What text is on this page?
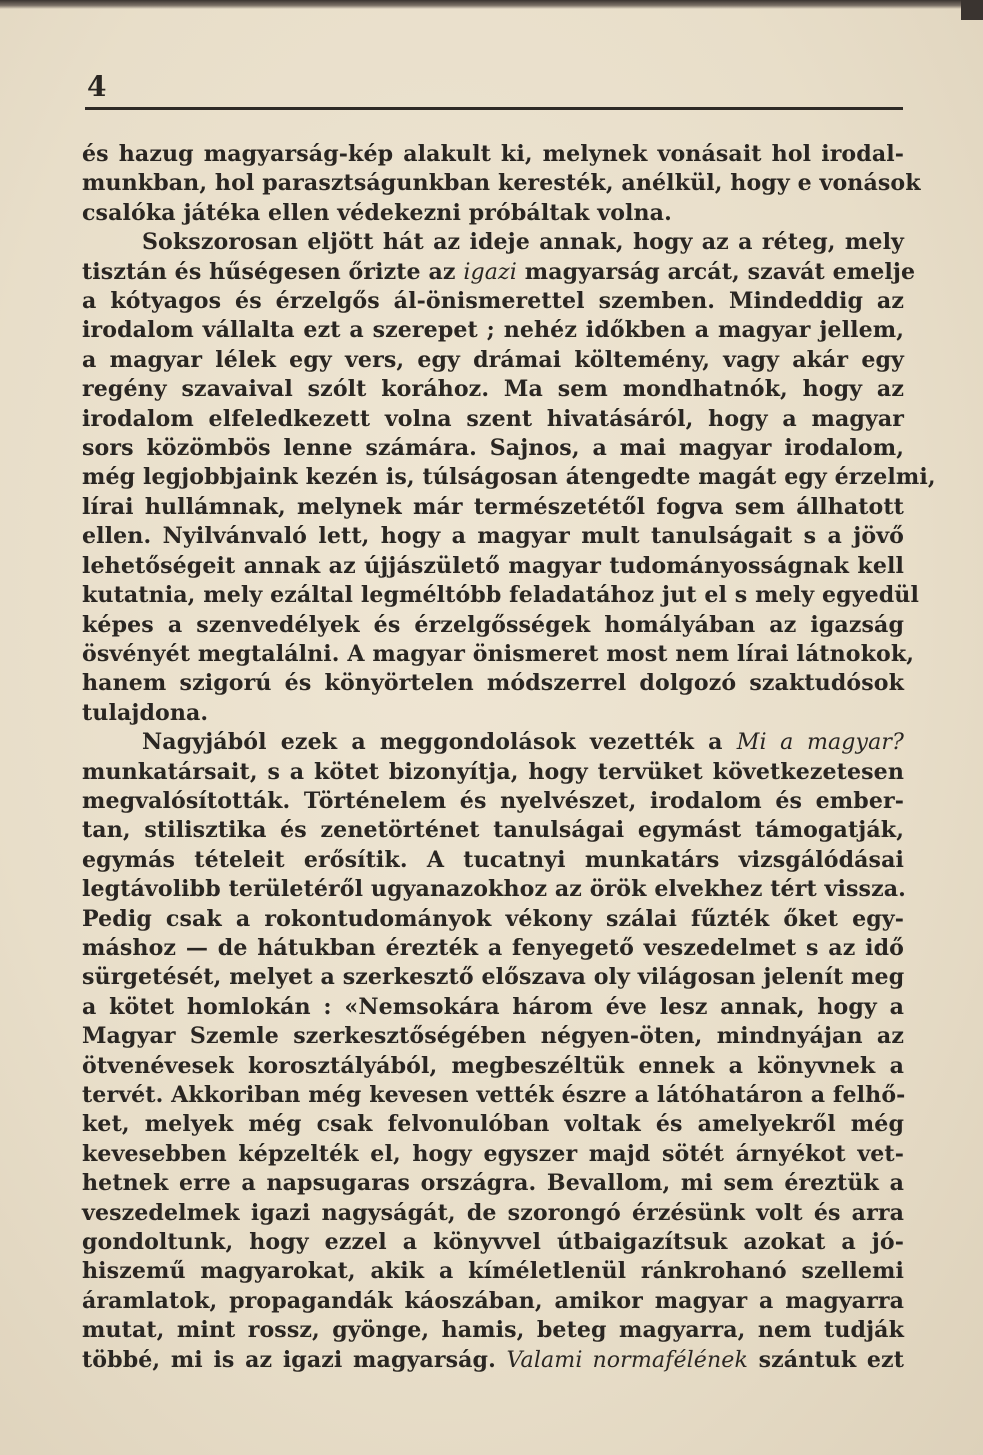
4
és hazug magyarság-kép alakult ki, melynek vonásait hol irodal-
munkban, hol parasztságunkban keresték, anélkül, hogy e vonások
csalóka játéka ellen védekezni próbáltak volna.
Sokszorosan eljött hát az ideje annak, hogy az a réteg, mely
tisztán és hűségesen őrizte az igazi magyarság arcát, szavát emelje
a kótyagos és érzelgős ál-önismerettel szemben. Mindeddig az
irodalom vállalta ezt a szerepet ; nehéz időkben a magyar jellem,
a magyar lélek egy vers, egy drámai költemény, vagy akár egy
regény szavaival szólt korához. Ma sem mondhatnók, hogy az
irodalom elfeledkezett volna szent hivatásáról, hogy a magyar
sors közömbös lenne számára. Sajnos, a mai magyar irodalom,
még legjobbjaink kezén is, túlságosan átengedte magát egy érzelmi,
lírai hullámnak, melynek már természetétől fogva sem állhatott
ellen. Nyilvánvaló lett, hogy a magyar mult tanulságait s a jövő
lehetőségeit annak az újjászülető magyar tudományosságnak kell
kutatnia, mely ezáltal legméltóbb feladatához jut el s mely egyedül
képes a szenvedélyek és érzelgősségek homályában az igazság
ösvényét megtalálni. A magyar önismeret most nem lírai látnokok,
hanem szigorú és könyörtelen módszerrel dolgozó szaktudósok
tulajdona.
Nagyjából ezek a meggondolások vezették a Mi a magyar?
munkatársait, s a kötet bizonyítja, hogy tervüket következetesen
megvalósították. Történelem és nyelvészet, irodalom és ember-
tan, stilisztika és zenetörténet tanulságai egymást támogatják,
egymás tételeit erősítik. A tucatnyi munkatárs vizsgálódásai
legtávolibb területéről ugyanazokhoz az örök elvekhez tért vissza.
Pedig csak a rokontudományok vékony szálai fűzték őket egy-
máshoz — de hátukban érezték a fenyegető veszedelmet s az idő
sürgetését, melyet a szerkesztő előszava oly világosan jelenít meg
a kötet homlokán : «Nemsokára három éve lesz annak, hogy a
Magyar Szemle szerkesztőségében négyen-öten, mindnyájan az
ötvenévesek korosztályából, megbeszéltük ennek a könyvnek a
tervét. Akkoriban még kevesen vették észre a látóhatáron a felhő-
ket, melyek még csak felvonulóban voltak és amelyekről még
kevesebben képzelték el, hogy egyszer majd sötét árnyékot vet-
hetnek erre a napsugaras országra. Bevallom, mi sem éreztük a
veszedelmek igazi nagyságát, de szorongó érzésünk volt és arra
gondoltunk, hogy ezzel a könyvvel útbaigazítsuk azokat a jó-
hiszemű magyarokat, akik a kíméletlenül ránkrohanó szellemi
áramlatok, propagandák káoszában, amikor magyar a magyarra
mutat, mint rossz, gyönge, hamis, beteg magyarra, nem tudják
többé, mi is az igazi magyarság. Valami normafélének szántuk ezt
